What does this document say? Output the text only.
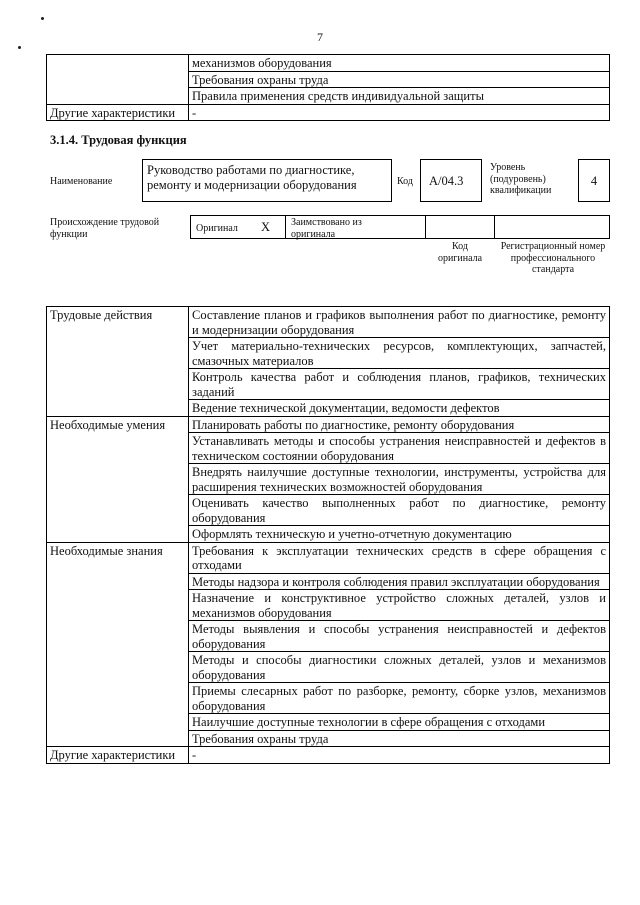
7
	механизмов оборудования
	Требования охраны труда
	Правила применения средств индивидуальной защиты
Другие характеристики	-
3.1.4. Трудовая функция
Наименование
Руководство работами по диагностике, ремонту и модернизации оборудования	Код	A/04.3
Уровень (подуровень) квалификации
4
Происхождение трудовой функции	Оригинал X Заимствовано из оригинала
Код оригинала
Регистрационный номер профессионального стандарта
Трудовые действия	Составление планов и графиков выполнения работ по диагностике, ремонту и модернизации оборудования

	Учет материально-технических ресурсов, комплектующих, запчастей, смазочных материалов

	Контроль качества работ и соблюдения планов, графиков, технических заданий

	Ведение технической документации, ведомости дефектов

Необходимые умения	Планировать работы по диагностике, ремонту оборудования

	Устанавливать методы и способы устранения неисправностей и дефектов в техническом состоянии оборудования

	Внедрять наилучшие доступные технологии, инструменты, устройства для расширения технических возможностей оборудования

	Оценивать качество выполненных работ по диагностике, ремонту оборудования

	Оформлять техническую и учетно-отчетную документацию

Необходимые знания	Требования к эксплуатации технических средств в сфере обращения с отходами

	Методы надзора и контроля соблюдения правил эксплуатации оборудования

	Назначение и конструктивное устройство сложных деталей, узлов и механизмов оборудования

	Методы выявления и способы устранения неисправностей и дефектов оборудования

	Методы и способы диагностики сложных деталей, узлов и механизмов оборудования

	Приемы слесарных работ по разборке, ремонту, сборке узлов, механизмов оборудования

	Наилучшие доступные технологии в сфере обращения с отходами

	Требования охраны труда

Другие характеристики	-
